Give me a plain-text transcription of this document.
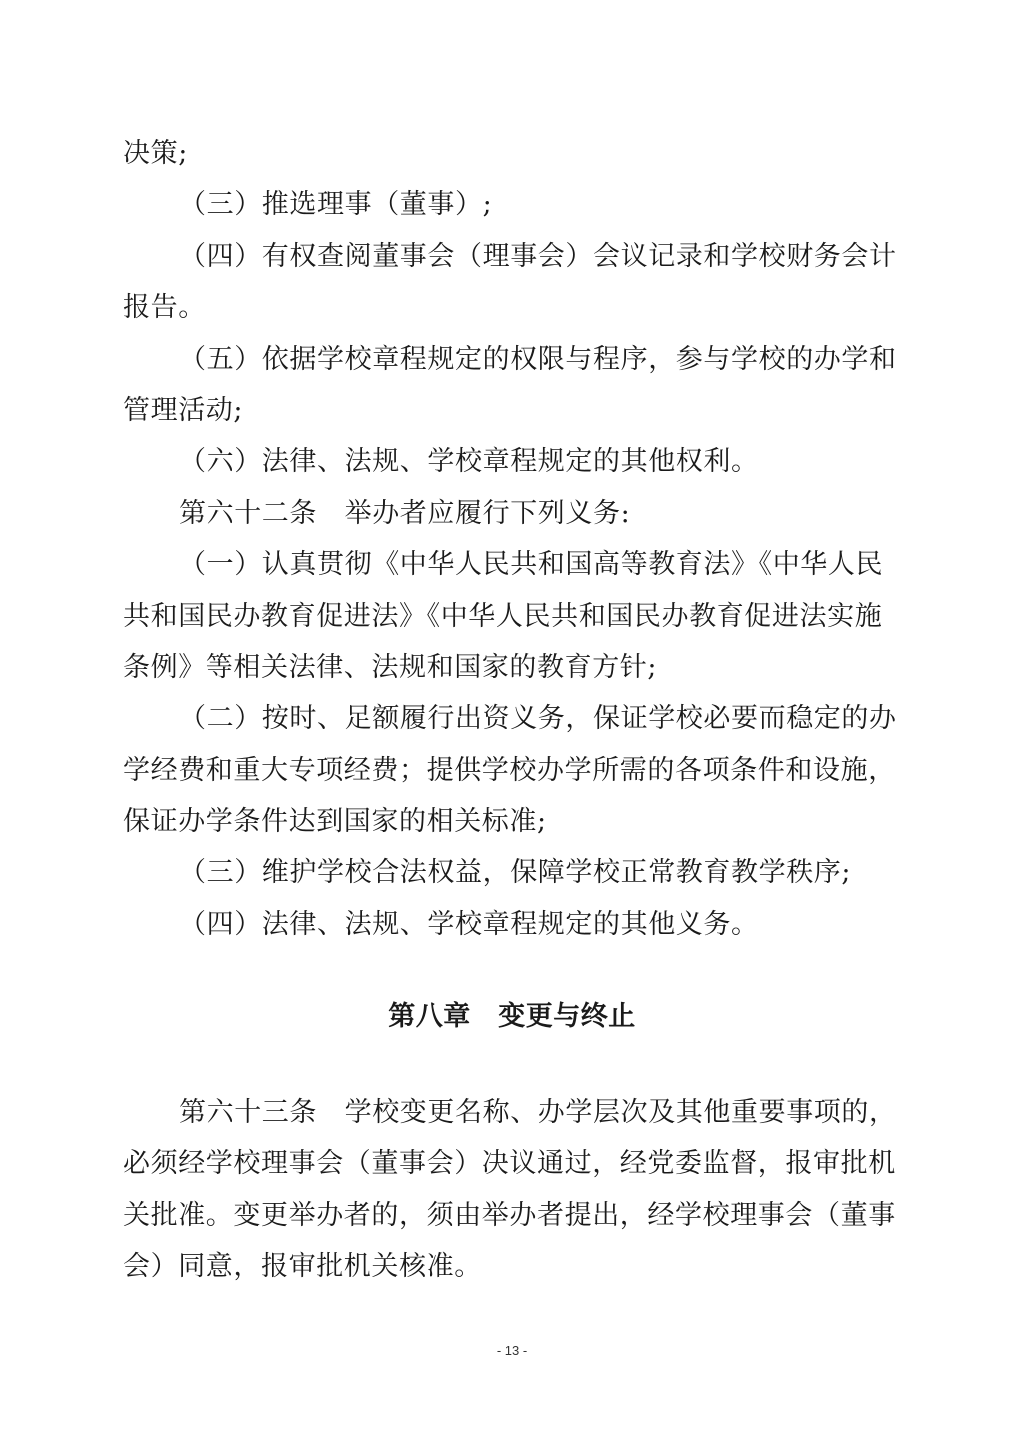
决策;
（三）推选理事（董事）;
（四）有权查阅董事会（理事会）会议记录和学校财务会计
报告。
（五）依据学校章程规定的权限与程序，参与学校的办学和
管理活动;
（六）法律、法规、学校章程规定的其他权利。
第六十二条　举办者应履行下列义务:
（一）认真贯彻《中华人民共和国高等教育法》《中华人民
共和国民办教育促进法》《中华人民共和国民办教育促进法实施
条例》等相关法律、法规和国家的教育方针;
（二）按时、足额履行出资义务，保证学校必要而稳定的办
学经费和重大专项经费；提供学校办学所需的各项条件和设施，
保证办学条件达到国家的相关标准;
（三）维护学校合法权益，保障学校正常教育教学秩序;
（四）法律、法规、学校章程规定的其他义务。
第八章　变更与终止
第六十三条　学校变更名称、办学层次及其他重要事项的，
必须经学校理事会（董事会）决议通过，经党委监督，报审批机
关批准。变更举办者的，须由举办者提出，经学校理事会（董事
会）同意，报审批机关核准。
- 13 -
